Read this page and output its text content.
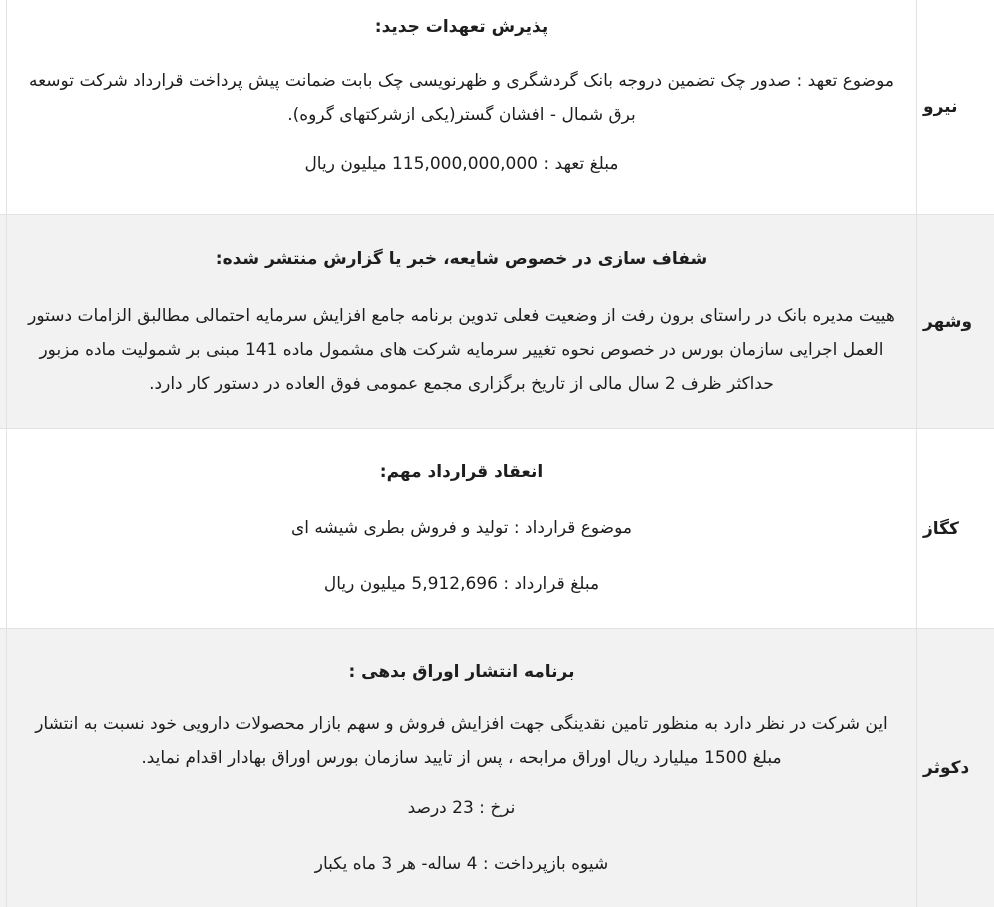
نیرو

پذیرش تعهدات جدید:

موضوع تعهد : صدور چک تضمین دروجه بانک گردشگری و ظهرنویسی چک بابت ضمانت پیش پرداخت قرارداد شرکت توسعه برق شمال - افشان گستر(یکی ازشرکتهای گروه).

مبلغ تعهد : 115,000,000,000 میلیون ریال

وشهر

شفاف سازی در خصوص شایعه، خبر یا گزارش منتشر شده:

هییت مدیره بانک در راستای برون رفت از وضعیت فعلی تدوین برنامه جامع افزایش سرمایه احتمالی مطالبق الزامات دستور العمل اجرایی سازمان بورس در خصوص نحوه تغییر سرمایه شرکت های مشمول ماده 141 مبنی بر شمولیت ماده مزبور حداکثر ظرف 2 سال مالی از تاریخ برگزاری مجمع عمومی فوق العاده در دستور کار دارد.

کگاز

انعقاد قرارداد مهم:

موضوع قرارداد : تولید و فروش بطری شیشه ای

مبلغ قرارداد : 5,912,696 میلیون ریال

دکوثر

برنامه انتشار اوراق بدهی :

این شرکت در نظر دارد به منظور تامین نقدینگی جهت افزایش فروش و سهم بازار محصولات دارویی خود نسبت به انتشار مبلغ 1500 میلیارد ریال اوراق مرابحه ، پس از تایید سازمان بورس اوراق بهادار اقدام نماید.

نرخ : 23 درصد

شیوه بازپرداخت : 4 ساله- هر 3 ماه یکبار
